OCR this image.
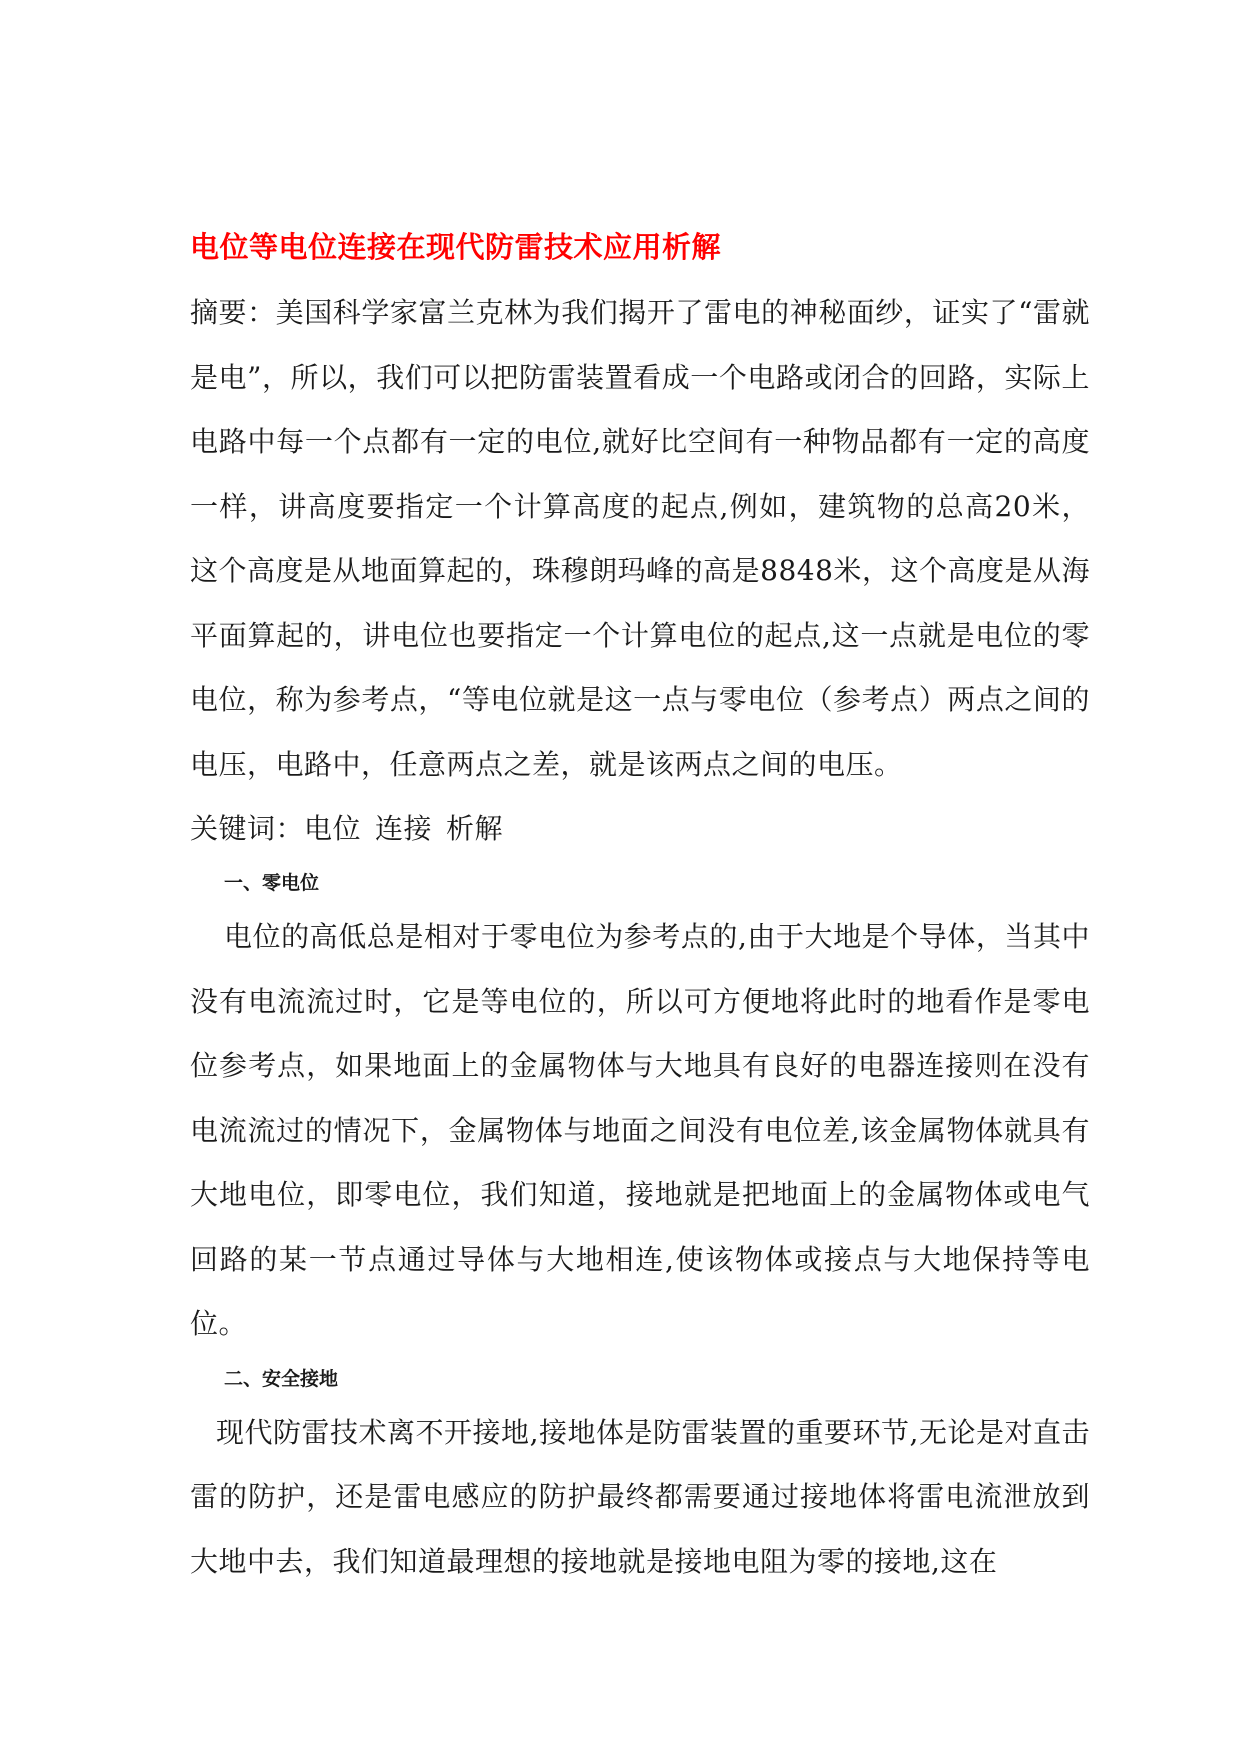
电位等电位连接在现代防雷技术应用析解

摘要：美国科学家富兰克林为我们揭开了雷电的神秘面纱，证实了“雷就是电”，所以，我们可以把防雷装置看成一个电路或闭合的回路，实际上电路中每一个点都有一定的电位,就好比空间有一种物品都有一定的高度一样，讲高度要指定一个计算高度的起点,例如，建筑物的总高20米，这个高度是从地面算起的，珠穆朗玛峰的高是8848米，这个高度是从海平面算起的，讲电位也要指定一个计算电位的起点,这一点就是电位的零电位，称为参考点，“等电位就是这一点与零电位（参考点）两点之间的电压，电路中，任意两点之差，就是该两点之间的电压。

关键词：电位 连接 析解

一、零电位

电位的高低总是相对于零电位为参考点的,由于大地是个导体，当其中没有电流流过时，它是等电位的，所以可方便地将此时的地看作是零电位参考点，如果地面上的金属物体与大地具有良好的电器连接则在没有电流流过的情况下，金属物体与地面之间没有电位差,该金属物体就具有大地电位，即零电位，我们知道，接地就是把地面上的金属物体或电气回路的某一节点通过导体与大地相连,使该物体或接点与大地保持等电位。

二、安全接地

现代防雷技术离不开接地,接地体是防雷装置的重要环节,无论是对直击雷的防护，还是雷电感应的防护最终都需要通过接地体将雷电流泄放到大地中去，我们知道最理想的接地就是接地电阻为零的接地,这在
